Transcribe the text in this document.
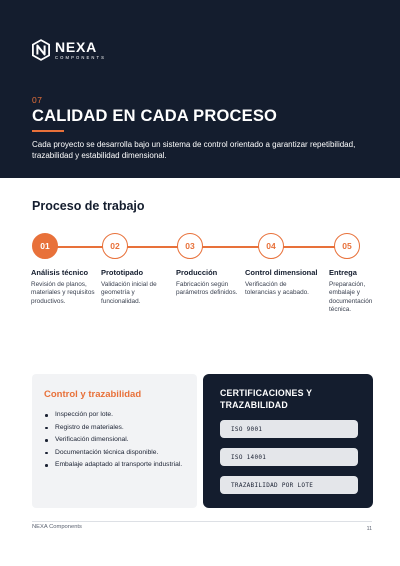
NEXA
COMPONENTS
07
CALIDAD EN CADA PROCESO

Cada proyecto se desarrolla bajo un sistema de control orientado a garantizar repetibilidad, trazabilidad y estabilidad dimensional.

Proceso de trabajo
01
Análisis técnico
Revisión de planos, materiales y requisitos productivos.
02
Prototipado
Validación inicial de geometría y funcionalidad.
03
Producción
Fabricación según parámetros definidos.
04
Control dimensional
Verificación de tolerancias y acabado.
05
Entrega
Preparación, embalaje y documentación técnica.
Control y trazabilidad
Inspección por lote.
Registro de materiales.
Verificación dimensional.
Documentación técnica disponible.
Embalaje adaptado al transporte industrial.
CERTIFICACIONES Y TRAZABILIDAD
ISO 9001
ISO 14001
TRAZABILIDAD POR LOTE
NEXA Components	11
